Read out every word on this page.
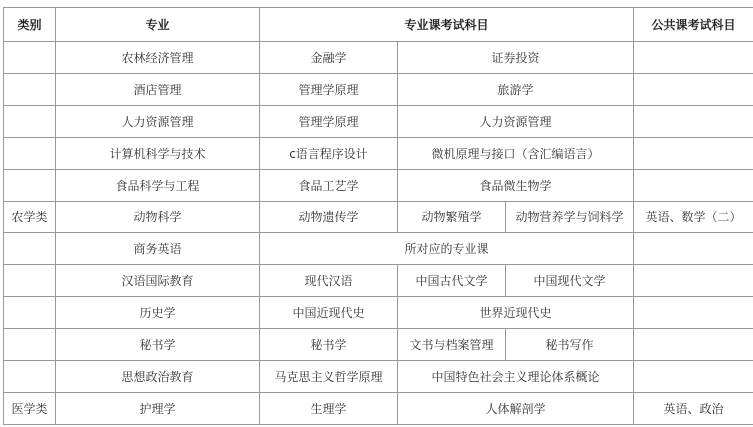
类别	专业	专业课考试科目			公共课考试科目
	农林经济管理	金融学	证券投资		
	酒店管理	管理学原理	旅游学		
	人力资源管理	管理学原理	人力资源管理		
	计算机科学与技术	c语言程序设计	微机原理与接口（含汇编语言）		
	食品科学与工程	食品工艺学	食品微生物学		
农学类	动物科学	动物遗传学	动物繁殖学	动物营养学与饲料学	英语、数学（二）
	商务英语	所对应的专业课			
	汉语国际教育	现代汉语	中国古代文学	中国现代文学	
	历史学	中国近现代史	世界近现代史		
	秘书学	秘书学	文书与档案管理	秘书写作	
	思想政治教育	马克思主义哲学原理	中国特色社会主义理论体系概论		
医学类	护理学	生理学	人体解剖学		英语、政治
